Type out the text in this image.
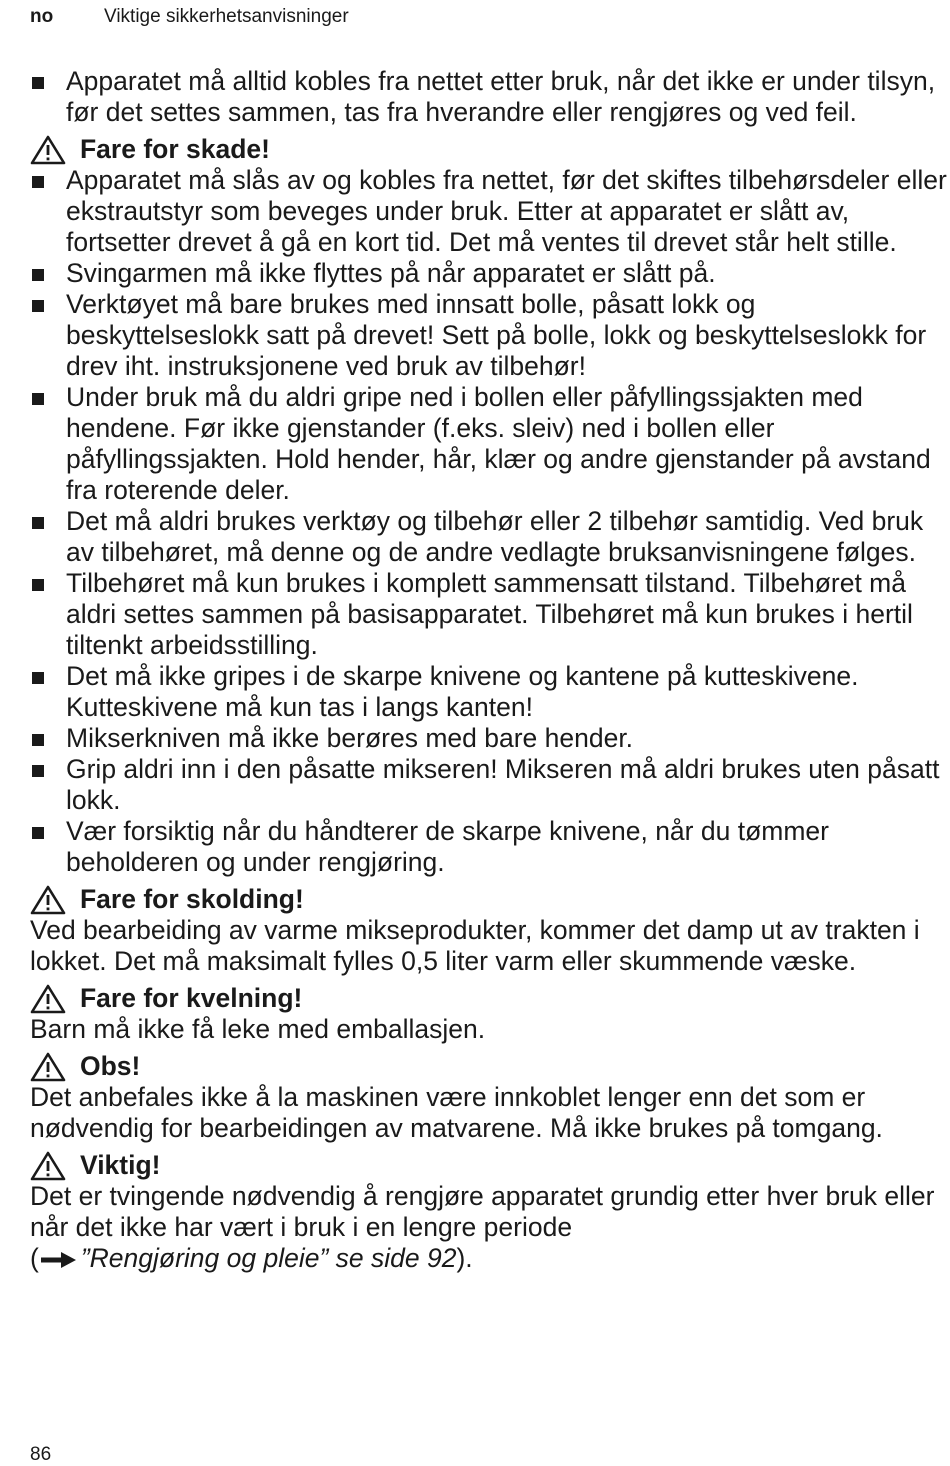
no	Viktige sikkerhetsanvisninger
Apparatet må alltid kobles fra nettet etter bruk, når det ikke er under tilsyn, før det settes sammen, tas fra hverandre eller rengjøres og ved feil.
Fare for skade!
Apparatet må slås av og kobles fra nettet, før det skiftes tilbehørsdeler eller ekstrautstyr som beveges under bruk. Etter at apparatet er slått av, fortsetter drevet å gå en kort tid. Det må ventes til drevet står helt stille.
Svingarmen må ikke flyttes på når apparatet er slått på.
Verktøyet må bare brukes med innsatt bolle, påsatt lokk og beskyttelseslokk satt på drevet! Sett på bolle, lokk og beskyttelseslokk for drev iht. instruksjonene ved bruk av tilbehør!
Under bruk må du aldri gripe ned i bollen eller påfyllingssjakten med hendene. Før ikke gjenstander (f.eks. sleiv) ned i bollen eller påfyllingssjakten. Hold hender, hår, klær og andre gjenstander på avstand fra roterende deler.
Det må aldri brukes verktøy og tilbehør eller 2 tilbehør samtidig. Ved bruk av tilbehøret, må denne og de andre vedlagte bruksanvisningene følges.
Tilbehøret må kun brukes i komplett sammensatt tilstand. Tilbehøret må aldri settes sammen på basisapparatet. Tilbehøret må kun brukes i hertil tiltenkt arbeidsstilling.
Det må ikke gripes i de skarpe knivene og kantene på kutteskivene. Kutteskivene må kun tas i langs kanten!
Mikserkniven må ikke berøres med bare hender.
Grip aldri inn i den påsatte mikseren! Mikseren må aldri brukes uten påsatt lokk.
Vær forsiktig når du håndterer de skarpe knivene, når du tømmer beholderen og under rengjøring.
Fare for skolding!
Ved bearbeiding av varme mikseprodukter, kommer det damp ut av trakten i lokket. Det må maksimalt fylles 0,5 liter varm eller skummende væske.
Fare for kvelning!
Barn må ikke få leke med emballasjen.
Obs!
Det anbefales ikke å la maskinen være innkoblet lenger enn det som er nødvendig for bearbeidingen av matvarene. Må ikke brukes på tomgang.
Viktig!
Det er tvingende nødvendig å rengjøre apparatet grundig etter hver bruk eller når det ikke har vært i bruk i en lengre periode
( ”Rengjøring og pleie” se side 92).
86
